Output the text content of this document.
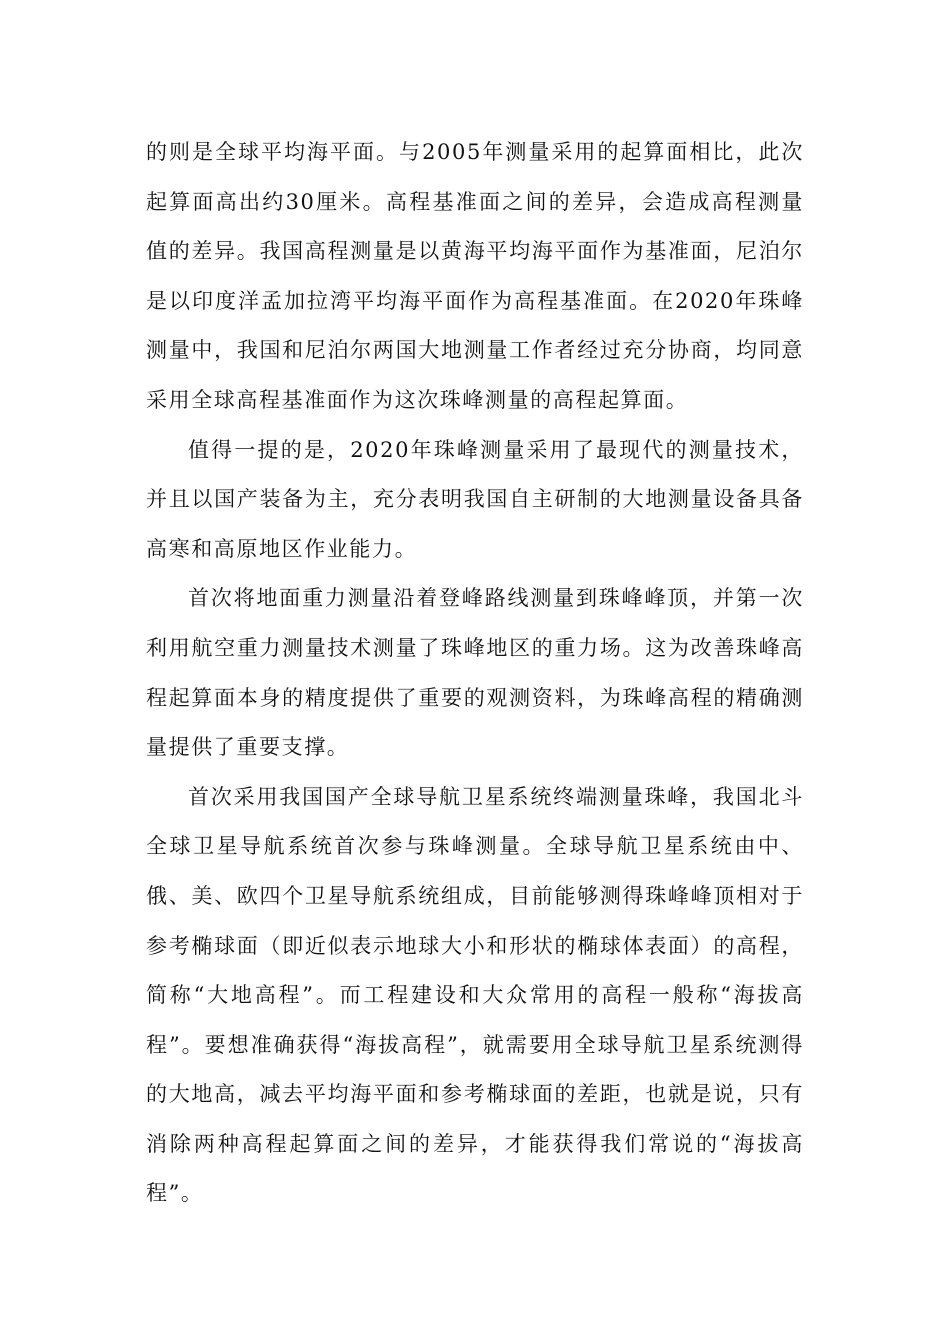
的则是全球平均海平面。与2005年测量采用的起算面相比，此次起算面高出约30厘米。高程基准面之间的差异，会造成高程测量值的差异。我国高程测量是以黄海平均海平面作为基准面，尼泊尔是以印度洋孟加拉湾平均海平面作为高程基准面。在2020年珠峰测量中，我国和尼泊尔两国大地测量工作者经过充分协商，均同意采用全球高程基准面作为这次珠峰测量的高程起算面。

值得一提的是，2020年珠峰测量采用了最现代的测量技术，并且以国产装备为主，充分表明我国自主研制的大地测量设备具备高寒和高原地区作业能力。

首次将地面重力测量沿着登峰路线测量到珠峰峰顶，并第一次利用航空重力测量技术测量了珠峰地区的重力场。这为改善珠峰高程起算面本身的精度提供了重要的观测资料，为珠峰高程的精确测量提供了重要支撑。

首次采用我国国产全球导航卫星系统终端测量珠峰，我国北斗全球卫星导航系统首次参与珠峰测量。全球导航卫星系统由中、俄、美、欧四个卫星导航系统组成，目前能够测得珠峰峰顶相对于参考椭球面（即近似表示地球大小和形状的椭球体表面）的高程，简称“大地高程”。而工程建设和大众常用的高程一般称“海拔高程”。要想准确获得“海拔高程”，就需要用全球导航卫星系统测得的大地高，减去平均海平面和参考椭球面的差距，也就是说，只有消除两种高程起算面之间的差异，才能获得我们常说的“海拔高程”。
